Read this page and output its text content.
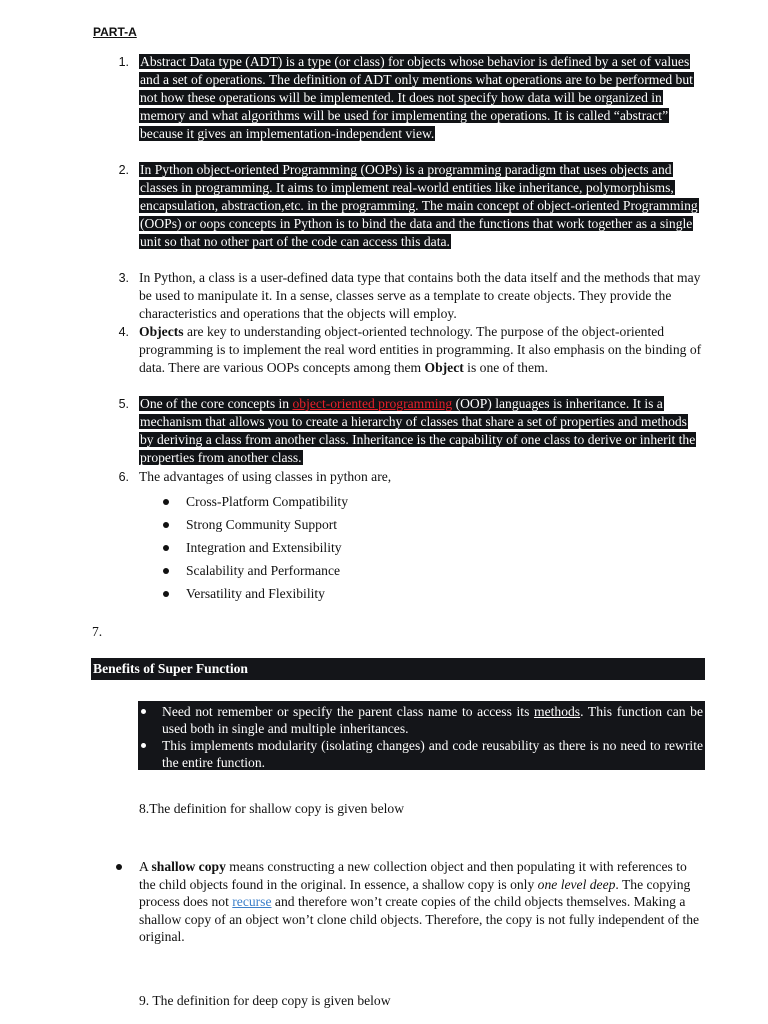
PART-A
1. Abstract Data type (ADT) is a type (or class) for objects whose behavior is defined by a set of values and a set of operations. The definition of ADT only mentions what operations are to be performed but not how these operations will be implemented. It does not specify how data will be organized in memory and what algorithms will be used for implementing the operations. It is called “abstract” because it gives an implementation-independent view.
2. In Python object-oriented Programming (OOPs) is a programming paradigm that uses objects and classes in programming. It aims to implement real-world entities like inheritance, polymorphisms, encapsulation, abstraction,etc. in the programming. The main concept of object-oriented Programming (OOPs) or oops concepts in Python is to bind the data and the functions that work together as a single unit so that no other part of the code can access this data.
3. In Python, a class is a user-defined data type that contains both the data itself and the methods that may be used to manipulate it. In a sense, classes serve as a template to create objects. They provide the characteristics and operations that the objects will employ.
4. Objects are key to understanding object-oriented technology. The purpose of the object-oriented programming is to implement the real word entities in programming. It also emphasis on the binding of data. There are various OOPs concepts among them Object is one of them.
5. One of the core concepts in object-oriented programming (OOP) languages is inheritance. It is a mechanism that allows you to create a hierarchy of classes that share a set of properties and methods by deriving a class from another class. Inheritance is the capability of one class to derive or inherit the properties from another class.
6. The advantages of using classes in python are,
Cross-Platform Compatibility
Strong Community Support
Integration and Extensibility
Scalability and Performance
Versatility and Flexibility
7.
Benefits of Super Function
Need not remember or specify the parent class name to access its methods. This function can be used both in single and multiple inheritances.
This implements modularity (isolating changes) and code reusability as there is no need to rewrite the entire function.
8.The definition for shallow copy is given below
A shallow copy means constructing a new collection object and then populating it with references to the child objects found in the original. In essence, a shallow copy is only one level deep. The copying process does not recurse and therefore won’t create copies of the child objects themselves. Making a shallow copy of an object won’t clone child objects. Therefore, the copy is not fully independent of the original.
9. The definition for deep copy is given below
